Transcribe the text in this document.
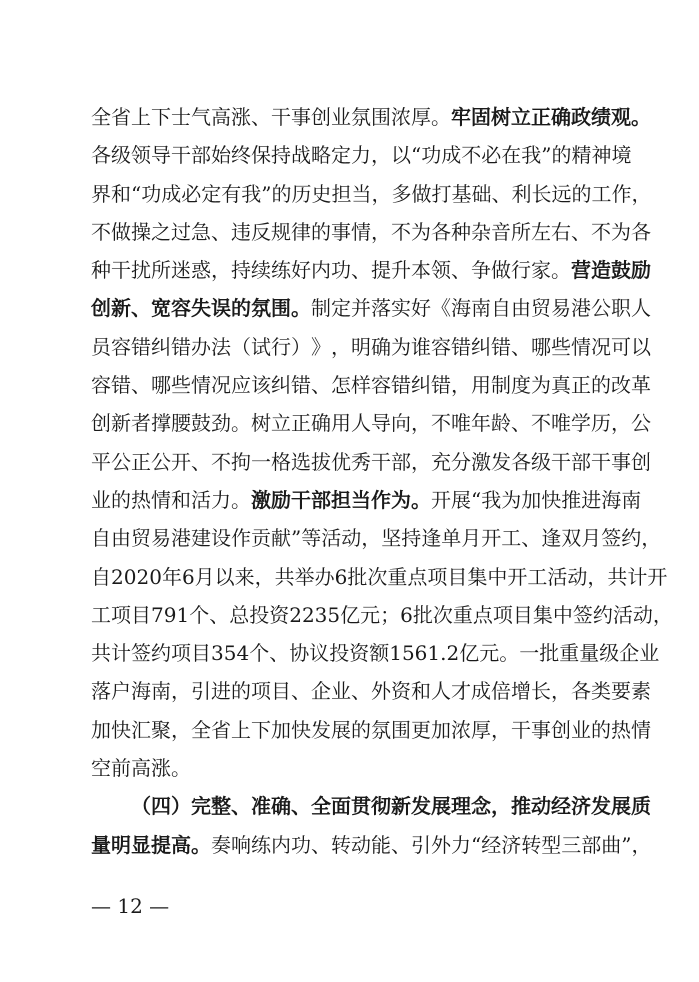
全 省 上 下 士 气 高 涨 、 干 事 创 业 氛 围 浓 厚 。 牢 固 树 立 正 确 政 绩 观 。
各 级 领 导 干 部 始 终 保 持 战 略 定 力 ， 以 “ 功 成 不 必 在 我 ” 的 精 神 境
界 和 “ 功 成 必 定 有 我 ” 的 历 史 担 当 ， 多 做 打 基 础 、 利 长 远 的 工 作 ，
不 做 操 之 过 急 、 违 反 规 律 的 事 情 ， 不 为 各 种 杂 音 所 左 右 、 不 为 各
种 干 扰 所 迷 惑 ， 持 续 练 好 内 功 、 提 升 本 领 、 争 做 行 家 。 营 造 鼓 励
创 新 、 宽 容 失 误 的 氛 围 。 制 定 并 落 实 好 《 海 南 自 由 贸 易 港 公 职 人
员 容 错 纠 错 办 法 （ 试 行 ） 》 ， 明 确 为 谁 容 错 纠 错 、 哪 些 情 况 可 以
容 错 、 哪 些 情 况 应 该 纠 错 、 怎 样 容 错 纠 错 ， 用 制 度 为 真 正 的 改 革
创 新 者 撑 腰 鼓 劲 。 树 立 正 确 用 人 导 向 ， 不 唯 年 龄 、 不 唯 学 历 ， 公
平 公 正 公 开 、 不 拘 一 格 选 拔 优 秀 干 部 ， 充 分 激 发 各 级 干 部 干 事 创
业 的 热 情 和 活 力 。 激 励 干 部 担 当 作 为 。 开 展 “ 我 为 加 快 推 进 海 南
自 由 贸 易 港 建 设 作 贡 献 ” 等 活 动 ， 坚 持 逢 单 月 开 工 、 逢 双 月 签 约 ，
自 2 0 2 0 年 6 月 以 来 ， 共 举 办 6 批 次 重 点 项 目 集 中 开 工 活 动 ， 共 计 开
工 项 目 7 9 1 个 、 总 投 资 2 2 3 5 亿 元 ； 6 批 次 重 点 项 目 集 中 签 约 活 动 ，
共 计 签 约 项 目 3 5 4 个 、 协 议 投 资 额 1 5 6 1 . 2 亿 元 。 一 批 重 量 级 企 业
落 户 海 南 ， 引 进 的 项 目 、 企 业 、 外 资 和 人 才 成 倍 增 长 ， 各 类 要 素
加 快 汇 聚 ， 全 省 上 下 加 快 发 展 的 氛 围 更 加 浓 厚 ， 干 事 创 业 的 热 情
空 前 高 涨 。
（ 四 ） 完 整 、 准 确 、 全 面 贯 彻 新 发 展 理 念 ， 推 动 经 济 发 展 质
量 明 显 提 高 。 奏 响 练 内 功 、 转 动 能 、 引 外 力 “ 经 济 转 型 三 部 曲 ” ，
— 12 —
